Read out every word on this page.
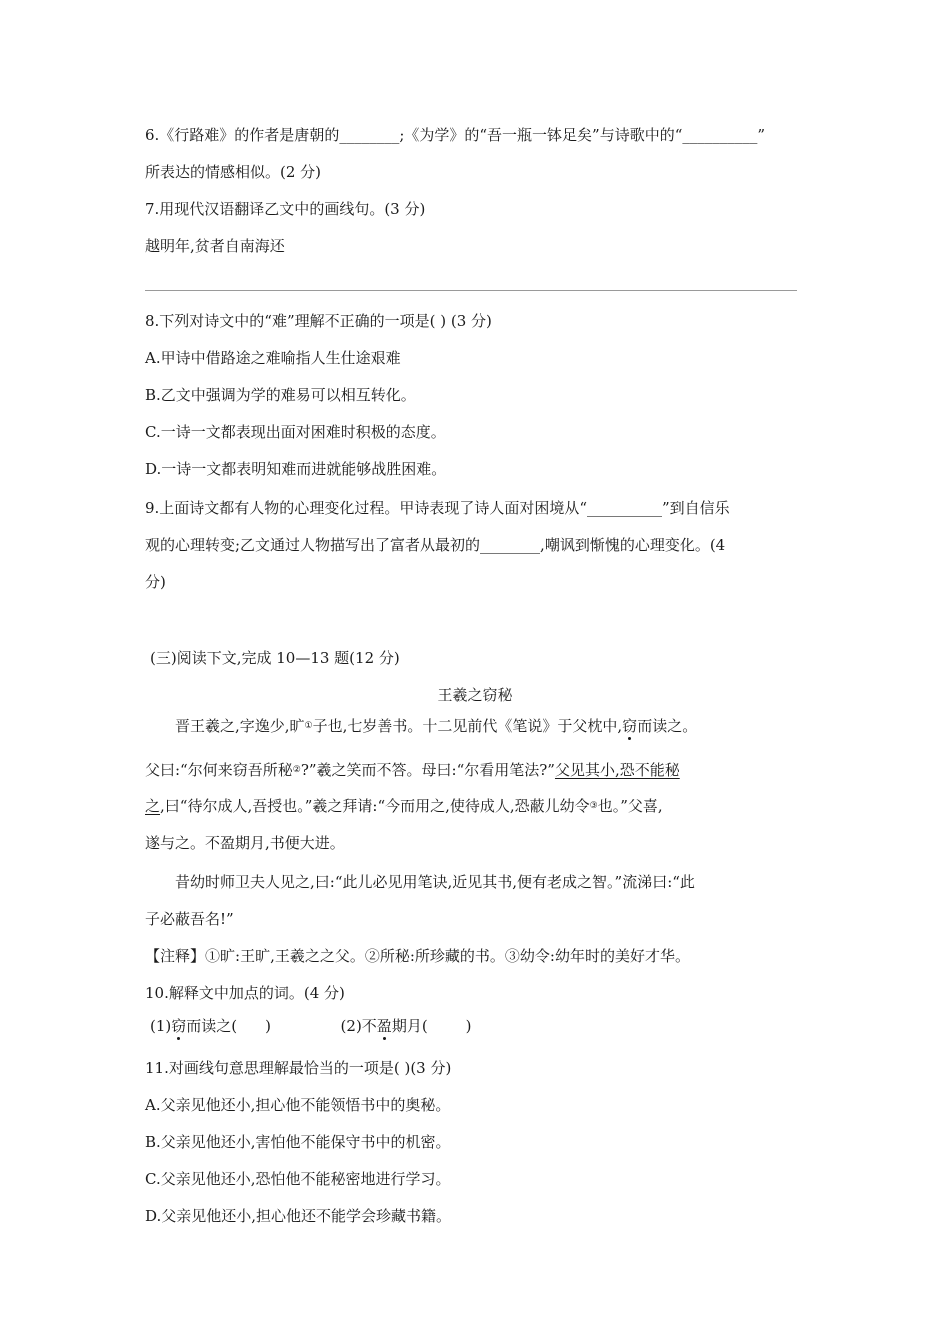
6.《行路难》的作者是唐朝的________;《为学》的“吾一瓶一钵足矣”与诗歌中的“__________”
所表达的情感相似。(2 分)
7.用现代汉语翻译乙文中的画线句。(3 分)
越明年,贫者自南海还
8.下列对诗文中的“难”理解不正确的一项是( ) (3 分)
A.甲诗中借路途之难喻指人生仕途艰难
B.乙文中强调为学的难易可以相互转化。
C.一诗一文都表现出面对困难时积极的态度。
D.一诗一文都表明知难而进就能够战胜困难。
9.上面诗文都有人物的心理变化过程。甲诗表现了诗人面对困境从“__________”到自信乐
观的心理转变;乙文通过人物描写出了富者从最初的________,嘲讽到惭愧的心理变化。(4
分)
(三)阅读下文,完成 10—13 题(12 分)
王羲之窃秘
晋王羲之,字逸少,旷①子也,七岁善书。十二见前代《笔说》于父枕中,窃而读之。
父曰:“尔何来窃吾所秘②?”羲之笑而不答。母曰:“尔看用笔法?”父见其小,恐不能秘
之,曰“待尔成人,吾授也。”羲之拜请:“今而用之,使待成人,恐蔽儿幼令③也。”父喜,
遂与之。不盈期月,书便大进。
昔幼时师卫夫人见之,曰:“此儿必见用笔诀,近见其书,便有老成之智。”流涕曰:“此
子必蔽吾名!”
【注释】①旷:王旷,王羲之之父。②所秘:所珍藏的书。③幼令:幼年时的美好才华。
10.解释文中加点的词。(4 分)
(1)窃而读之( )	(2)不盈期月(	)
11.对画线句意思理解最恰当的一项是( )(3 分)
A.父亲见他还小,担心他不能领悟书中的奥秘。
B.父亲见他还小,害怕他不能保守书中的机密。
C.父亲见他还小,恐怕他不能秘密地进行学习。
D.父亲见他还小,担心他还不能学会珍藏书籍。
